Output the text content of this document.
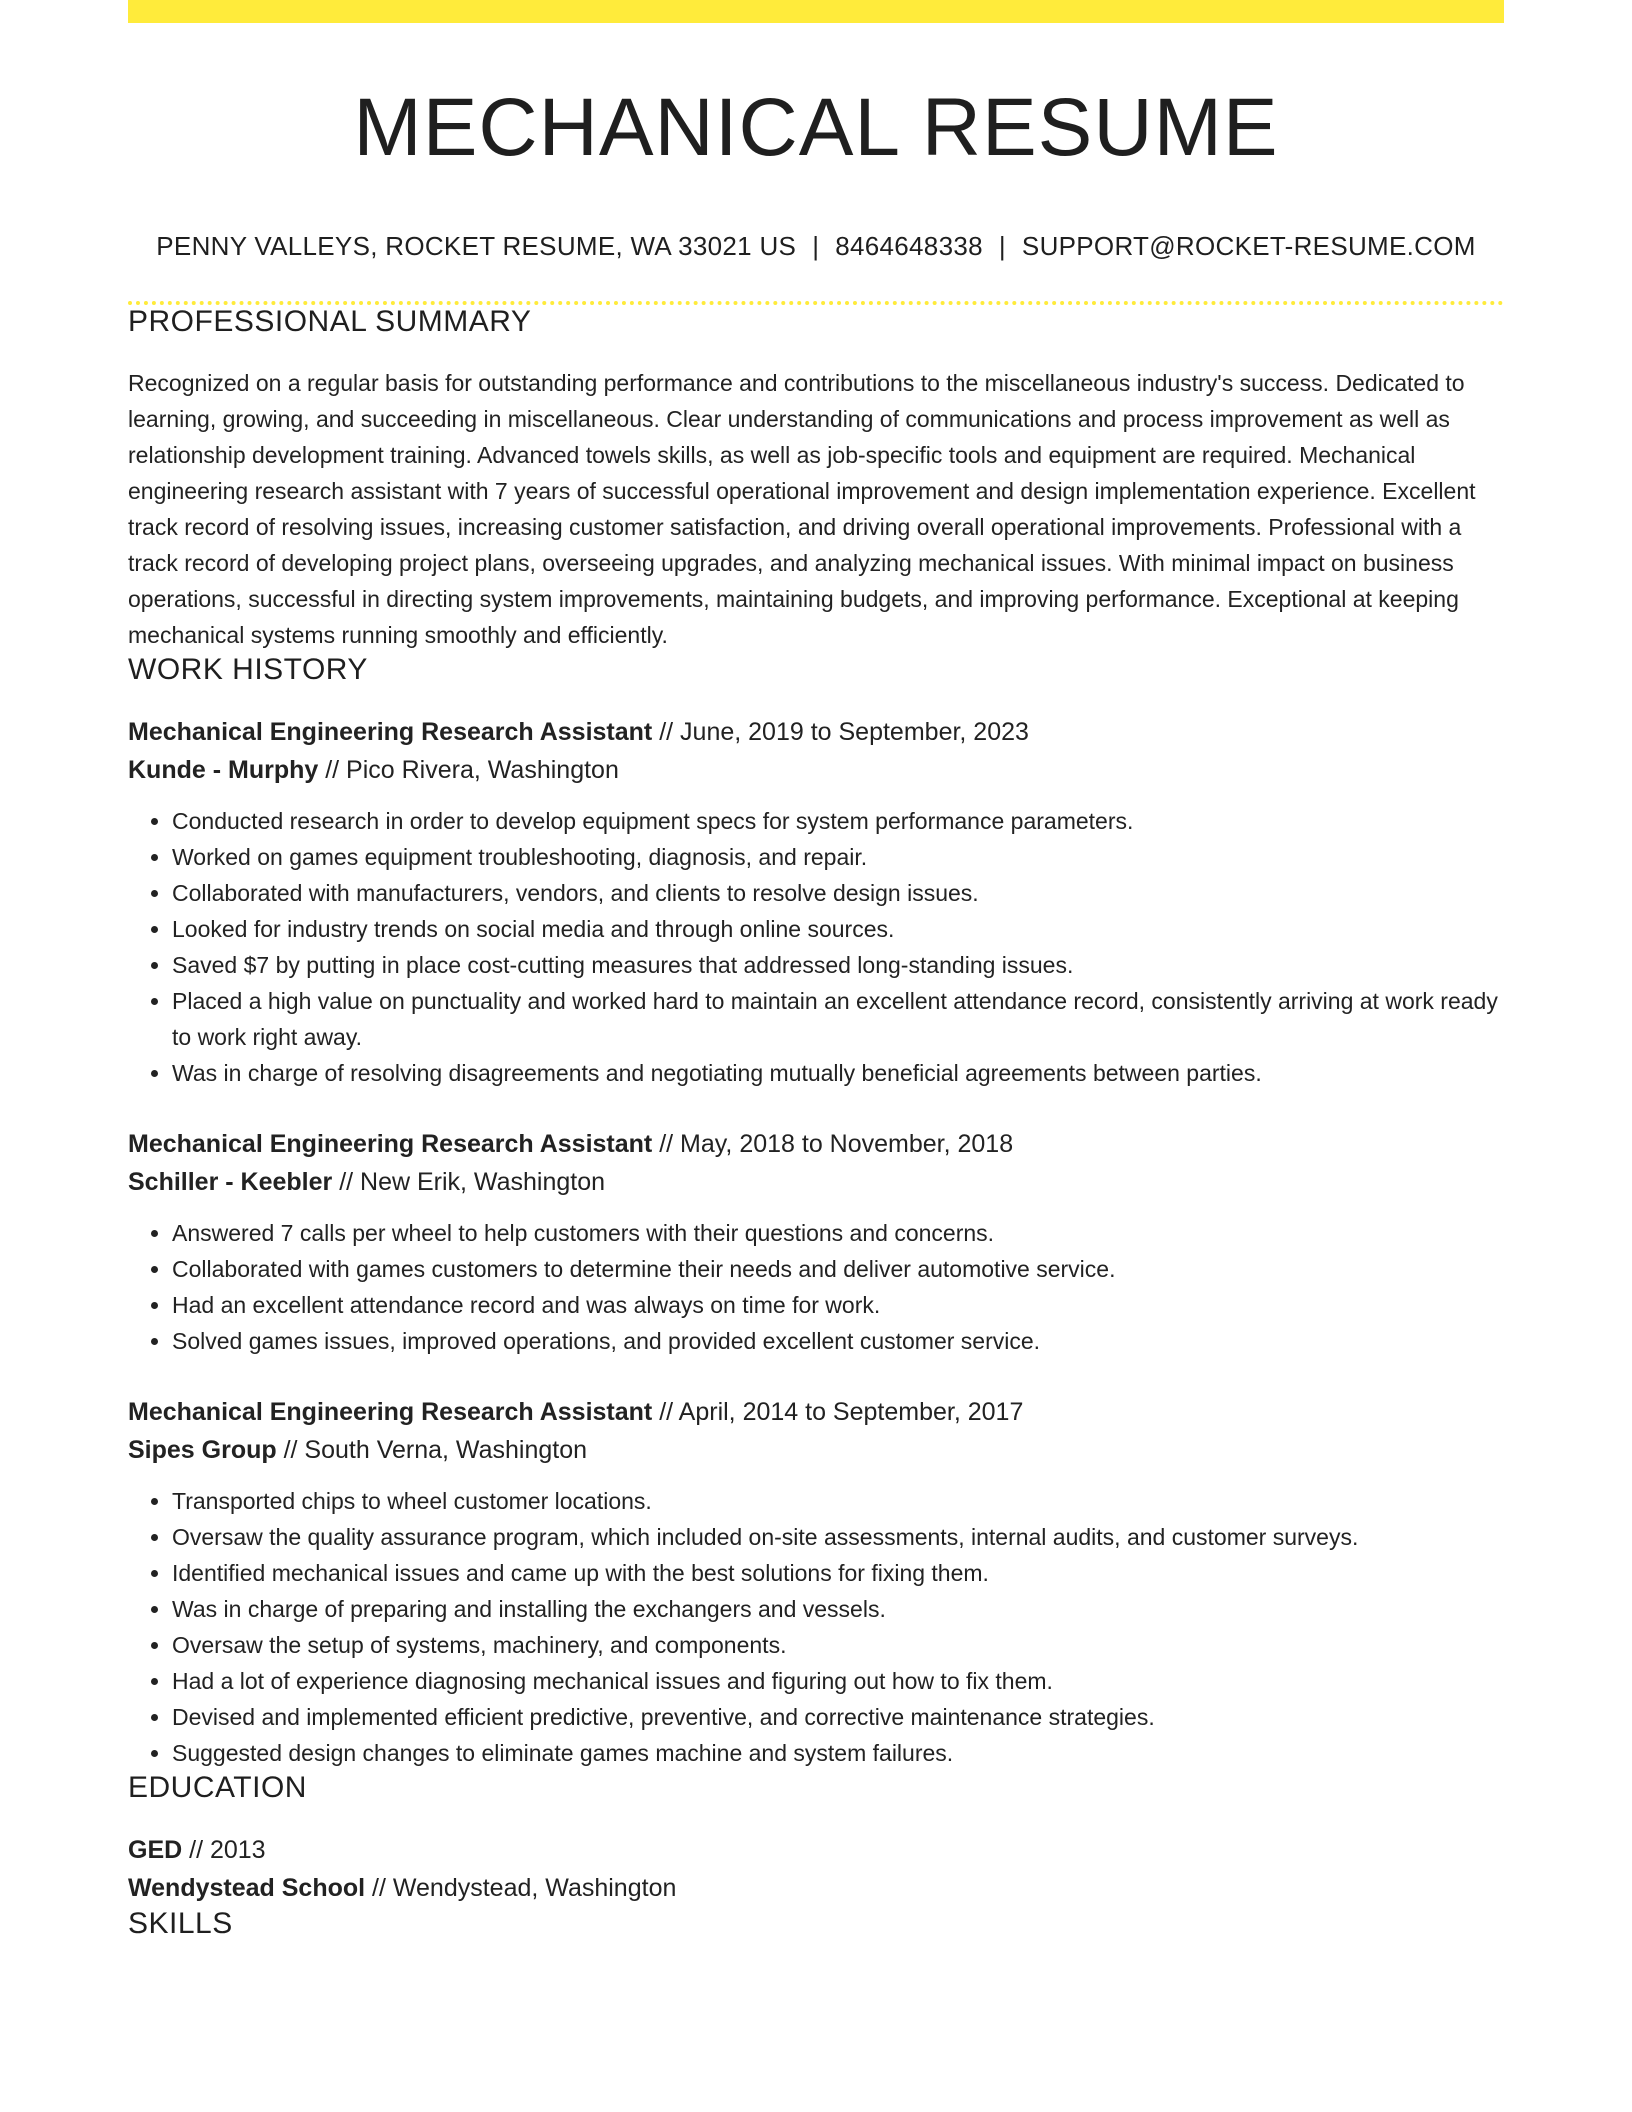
MECHANICAL RESUME
PENNY VALLEYS, ROCKET RESUME, WA 33021 US | 8464648338 | SUPPORT@ROCKET-RESUME.COM
PROFESSIONAL SUMMARY
Recognized on a regular basis for outstanding performance and contributions to the miscellaneous industry's success. Dedicated to learning, growing, and succeeding in miscellaneous. Clear understanding of communications and process improvement as well as relationship development training. Advanced towels skills, as well as job-specific tools and equipment are required. Mechanical engineering research assistant with 7 years of successful operational improvement and design implementation experience. Excellent track record of resolving issues, increasing customer satisfaction, and driving overall operational improvements. Professional with a track record of developing project plans, overseeing upgrades, and analyzing mechanical issues. With minimal impact on business operations, successful in directing system improvements, maintaining budgets, and improving performance. Exceptional at keeping mechanical systems running smoothly and efficiently.
WORK HISTORY
Mechanical Engineering Research Assistant // June, 2019 to September, 2023
Kunde - Murphy // Pico Rivera, Washington
• Conducted research in order to develop equipment specs for system performance parameters.
• Worked on games equipment troubleshooting, diagnosis, and repair.
• Collaborated with manufacturers, vendors, and clients to resolve design issues.
• Looked for industry trends on social media and through online sources.
• Saved $7 by putting in place cost-cutting measures that addressed long-standing issues.
• Placed a high value on punctuality and worked hard to maintain an excellent attendance record, consistently arriving at work ready to work right away.
• Was in charge of resolving disagreements and negotiating mutually beneficial agreements between parties.
Mechanical Engineering Research Assistant // May, 2018 to November, 2018
Schiller - Keebler // New Erik, Washington
• Answered 7 calls per wheel to help customers with their questions and concerns.
• Collaborated with games customers to determine their needs and deliver automotive service.
• Had an excellent attendance record and was always on time for work.
• Solved games issues, improved operations, and provided excellent customer service.
Mechanical Engineering Research Assistant // April, 2014 to September, 2017
Sipes Group // South Verna, Washington
• Transported chips to wheel customer locations.
• Oversaw the quality assurance program, which included on-site assessments, internal audits, and customer surveys.
• Identified mechanical issues and came up with the best solutions for fixing them.
• Was in charge of preparing and installing the exchangers and vessels.
• Oversaw the setup of systems, machinery, and components.
• Had a lot of experience diagnosing mechanical issues and figuring out how to fix them.
• Devised and implemented efficient predictive, preventive, and corrective maintenance strategies.
• Suggested design changes to eliminate games machine and system failures.
EDUCATION
GED // 2013
Wendystead School // Wendystead, Washington
SKILLS
